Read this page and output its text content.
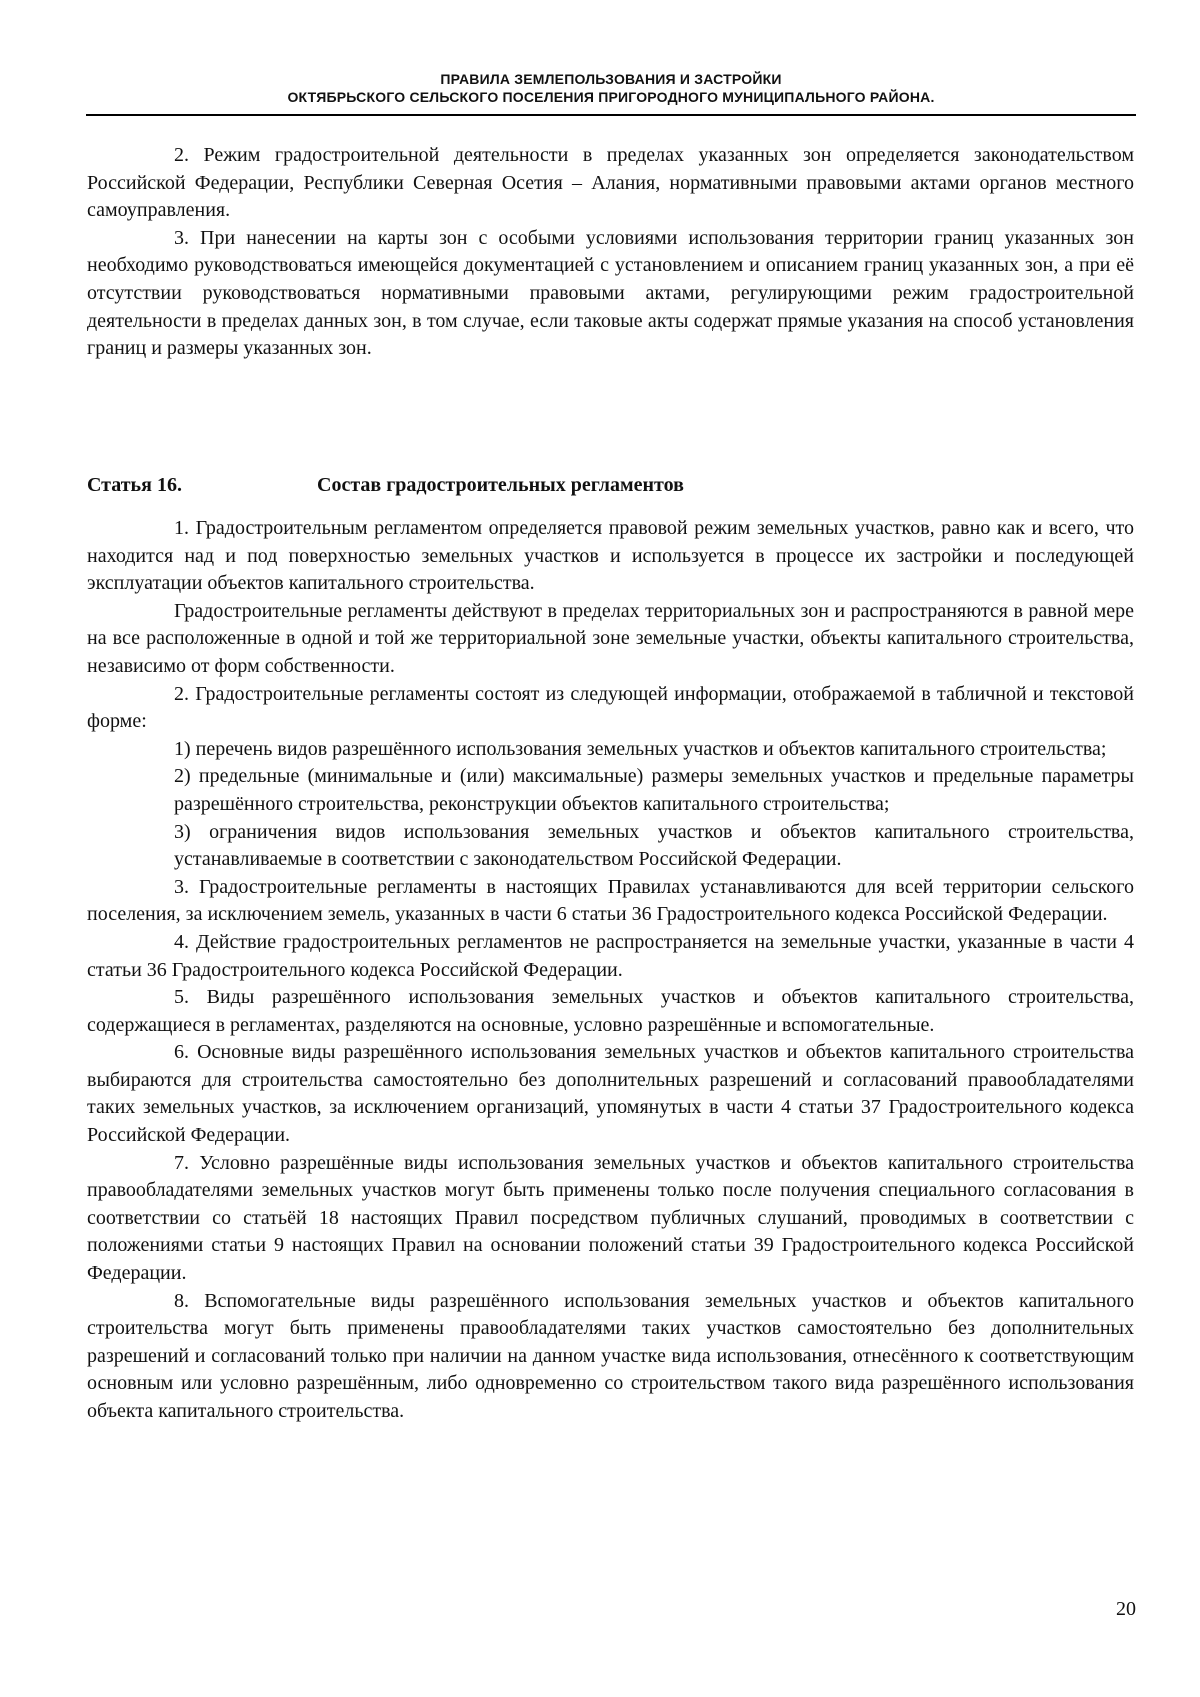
ПРАВИЛА ЗЕМЛЕПОЛЬЗОВАНИЯ И ЗАСТРОЙКИ
ОКТЯБРЬСКОГО СЕЛЬСКОГО ПОСЕЛЕНИЯ ПРИГОРОДНОГО МУНИЦИПАЛЬНОГО РАЙОНА.

2. Режим градостроительной деятельности в пределах указанных зон определяется законодательством Российской Федерации, Республики Северная Осетия – Алания, нормативными правовыми актами органов местного самоуправления.

3. При нанесении на карты зон с особыми условиями использования территории границ указанных зон необходимо руководствоваться имеющейся документацией с установлением и описанием границ указанных зон, а при её отсутствии руководствоваться нормативными правовыми актами, регулирующими режим градостроительной деятельности в пределах данных зон, в том случае, если таковые акты содержат прямые указания на способ установления границ и размеры указанных зон.

Статья 16.	Состав градостроительных регламентов

1. Градостроительным регламентом определяется правовой режим земельных участков, равно как и всего, что находится над и под поверхностью земельных участков и используется в процессе их застройки и последующей эксплуатации объектов капитального строительства.

Градостроительные регламенты действуют в пределах территориальных зон и распространяются в равной мере на все расположенные в одной и той же территориальной зоне земельные участки, объекты капитального строительства, независимо от форм собственности.

2. Градостроительные регламенты состоят из следующей информации, отображаемой в табличной и текстовой форме:

1) перечень видов разрешённого использования земельных участков и объектов капитального строительства;

2) предельные (минимальные и (или) максимальные) размеры земельных участков и предельные параметры разрешённого строительства, реконструкции объектов капитального строительства;

3) ограничения видов использования земельных участков и объектов капитального строительства, устанавливаемые в соответствии с законодательством Российской Федерации.

3. Градостроительные регламенты в настоящих Правилах устанавливаются для всей территории сельского поселения, за исключением земель, указанных в части 6 статьи 36 Градостроительного кодекса Российской Федерации.

4. Действие градостроительных регламентов не распространяется на земельные участки, указанные в части 4 статьи 36 Градостроительного кодекса Российской Федерации.

5. Виды разрешённого использования земельных участков и объектов капитального строительства, содержащиеся в регламентах, разделяются на основные, условно разрешённые и вспомогательные.

6. Основные виды разрешённого использования земельных участков и объектов капитального строительства выбираются для строительства самостоятельно без дополнительных разрешений и согласований правообладателями таких земельных участков, за исключением организаций, упомянутых в части 4 статьи 37 Градостроительного кодекса Российской Федерации.

7. Условно разрешённые виды использования земельных участков и объектов капитального строительства правообладателями земельных участков могут быть применены только после получения специального согласования в соответствии со статьёй 18 настоящих Правил посредством публичных слушаний, проводимых в соответствии с положениями статьи 9 настоящих Правил на основании положений статьи 39 Градостроительного кодекса Российской Федерации.

8. Вспомогательные виды разрешённого использования земельных участков и объектов капитального строительства могут быть применены правообладателями таких участков самостоятельно без дополнительных разрешений и согласований только при наличии на данном участке вида использования, отнесённого к соответствующим основным или условно разрешённым, либо одновременно со строительством такого вида разрешённого использования объекта капитального строительства.

20
